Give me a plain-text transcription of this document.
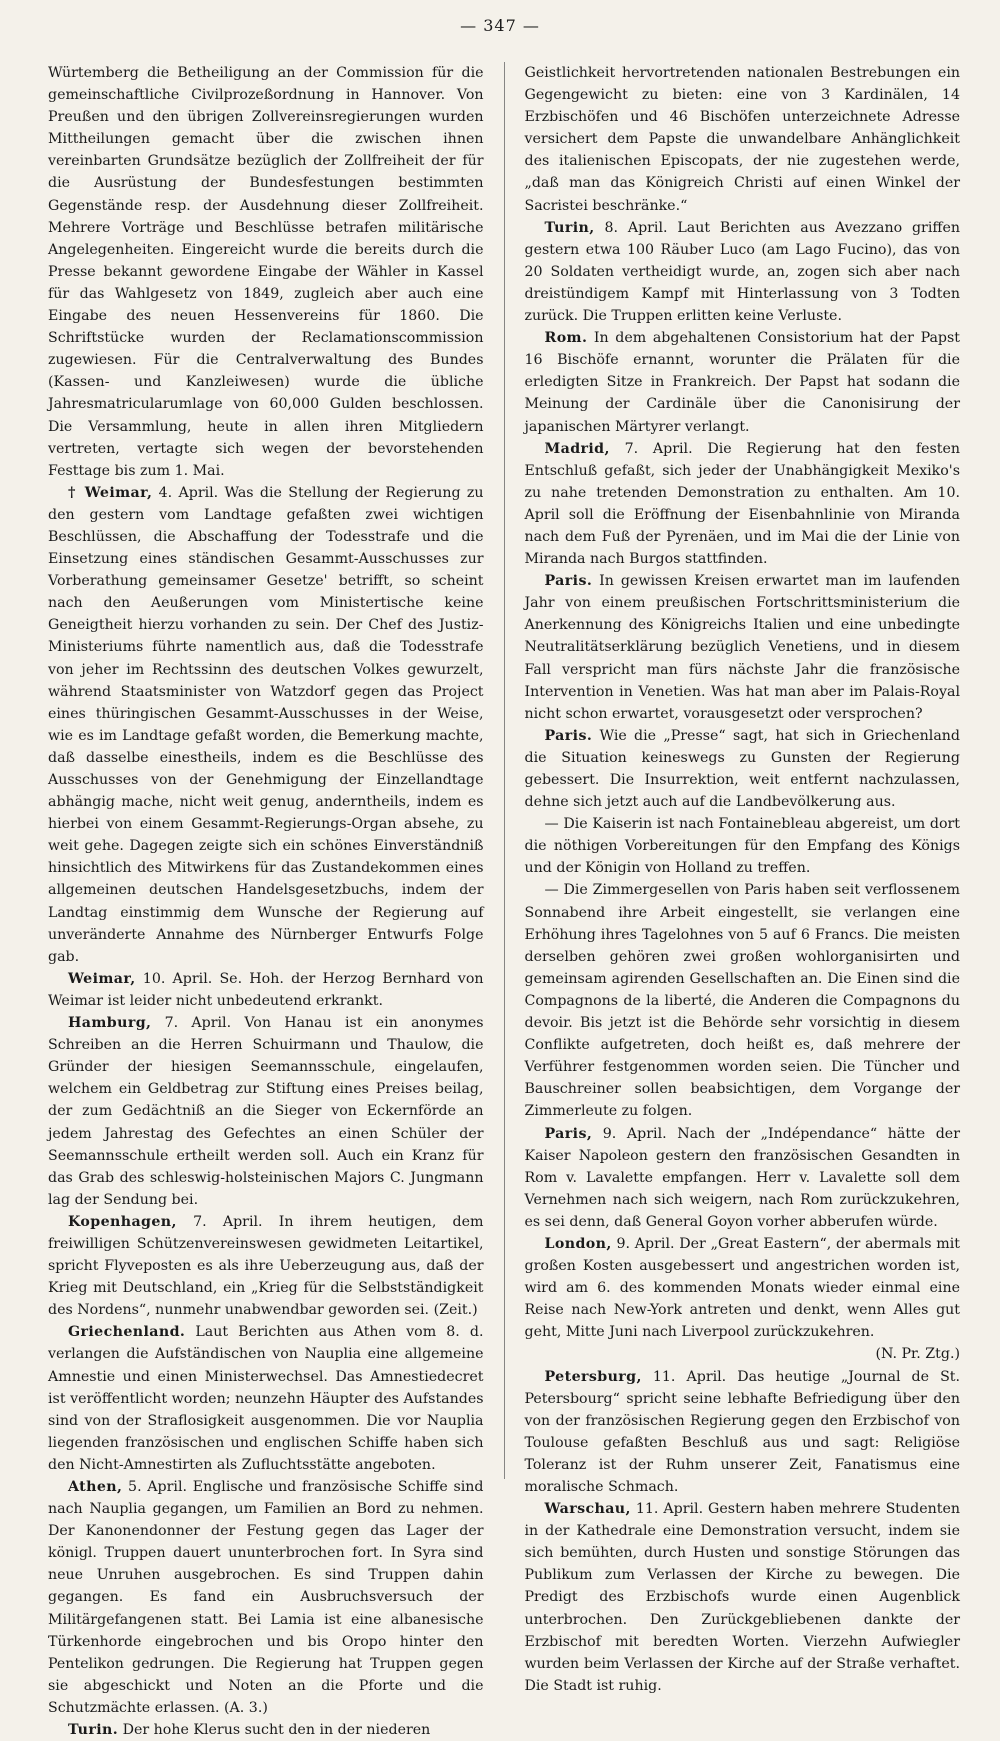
— 347 —

Würtemberg die Betheiligung an der Commission für die gemeinschaftliche Civilprozeßordnung in Hannover. Von Preußen und den übrigen Zollvereinsregierungen wurden Mittheilungen gemacht über die zwischen ihnen vereinbarten Grundsätze bezüglich der Zollfreiheit der für die Ausrüstung der Bundesfestungen bestimmten Gegenstände resp. der Ausdehnung dieser Zollfreiheit. Mehrere Vorträge und Beschlüsse betrafen militärische Angelegenheiten. Eingereicht wurde die bereits durch die Presse bekannt gewordene Eingabe der Wähler in Kassel für das Wahlgesetz von 1849, zugleich aber auch eine Eingabe des neuen Hessenvereins für 1860. Die Schriftstücke wurden der Reclamationscommission zugewiesen. Für die Centralverwaltung des Bundes (Kassen- und Kanzleiwesen) wurde die übliche Jahresmatricularumlage von 60,000 Gulden beschlossen. Die Versammlung, heute in allen ihren Mitgliedern vertreten, vertagte sich wegen der bevorstehenden Festtage bis zum 1. Mai.

† Weimar, 4. April. Was die Stellung der Regierung zu den gestern vom Landtage gefaßten zwei wichtigen Beschlüssen, die Abschaffung der Todesstrafe und die Einsetzung eines ständischen Gesammt-Ausschusses zur Vorberathung gemeinsamer Gesetze' betrifft, so scheint nach den Aeußerungen vom Ministertische keine Geneigtheit hierzu vorhanden zu sein. Der Chef des Justiz-Ministeriums führte namentlich aus, daß die Todesstrafe von jeher im Rechtssinn des deutschen Volkes gewurzelt, während Staatsminister von Watzdorf gegen das Project eines thüringischen Gesammt-Ausschusses in der Weise, wie es im Landtage gefaßt worden, die Bemerkung machte, daß dasselbe einestheils, indem es die Beschlüsse des Ausschusses von der Genehmigung der Einzellandtage abhängig mache, nicht weit genug, anderntheils, indem es hierbei von einem Gesammt-Regierungs-Organ absehe, zu weit gehe. Dagegen zeigte sich ein schönes Einverständniß hinsichtlich des Mitwirkens für das Zustandekommen eines allgemeinen deutschen Handelsgesetzbuchs, indem der Landtag einstimmig dem Wunsche der Regierung auf unveränderte Annahme des Nürnberger Entwurfs Folge gab.

Weimar, 10. April. Se. Hoh. der Herzog Bernhard von Weimar ist leider nicht unbedeutend erkrankt.

Hamburg, 7. April. Von Hanau ist ein anonymes Schreiben an die Herren Schuirmann und Thaulow, die Gründer der hiesigen Seemannsschule, eingelaufen, welchem ein Geldbetrag zur Stiftung eines Preises beilag, der zum Gedächtniß an die Sieger von Eckernförde an jedem Jahrestag des Gefechtes an einen Schüler der Seemannsschule ertheilt werden soll. Auch ein Kranz für das Grab des schleswig-holsteinischen Majors C. Jungmann lag der Sendung bei.

Kopenhagen, 7. April. In ihrem heutigen, dem freiwilligen Schützenvereinswesen gewidmeten Leitartikel, spricht Flyveposten es als ihre Ueberzeugung aus, daß der Krieg mit Deutschland, ein „Krieg für die Selbstständigkeit des Nordens“, nunmehr unabwendbar geworden sei. (Zeit.)

Griechenland. Laut Berichten aus Athen vom 8. d. verlangen die Aufständischen von Nauplia eine allgemeine Amnestie und einen Ministerwechsel. Das Amnestiedecret ist veröffentlicht worden; neunzehn Häupter des Aufstandes sind von der Straflosigkeit ausgenommen. Die vor Nauplia liegenden französischen und englischen Schiffe haben sich den Nicht-Amnestirten als Zufluchtsstätte angeboten.

Athen, 5. April. Englische und französische Schiffe sind nach Nauplia gegangen, um Familien an Bord zu nehmen. Der Kanonendonner der Festung gegen das Lager der königl. Truppen dauert ununterbrochen fort. In Syra sind neue Unruhen ausgebrochen. Es sind Truppen dahin gegangen. Es fand ein Ausbruchsversuch der Militärgefangenen statt. Bei Lamia ist eine albanesische Türkenhorde eingebrochen und bis Oropo hinter den Pentelikon gedrungen. Die Regierung hat Truppen gegen sie abgeschickt und Noten an die Pforte und die Schutzmächte erlassen. (A. 3.)

Turin. Der hohe Klerus sucht den in der niederen

Geistlichkeit hervortretenden nationalen Bestrebungen ein Gegengewicht zu bieten: eine von 3 Kardinälen, 14 Erzbischöfen und 46 Bischöfen unterzeichnete Adresse versichert dem Papste die unwandelbare Anhänglichkeit des italienischen Episcopats, der nie zugestehen werde, „daß man das Königreich Christi auf einen Winkel der Sacristei beschränke.“

Turin, 8. April. Laut Berichten aus Avezzano griffen gestern etwa 100 Räuber Luco (am Lago Fucino), das von 20 Soldaten vertheidigt wurde, an, zogen sich aber nach dreistündigem Kampf mit Hinterlassung von 3 Todten zurück. Die Truppen erlitten keine Verluste.

Rom. In dem abgehaltenen Consistorium hat der Papst 16 Bischöfe ernannt, worunter die Prälaten für die erledigten Sitze in Frankreich. Der Papst hat sodann die Meinung der Cardinäle über die Canonisirung der japanischen Märtyrer verlangt.

Madrid, 7. April. Die Regierung hat den festen Entschluß gefaßt, sich jeder der Unabhängigkeit Mexiko's zu nahe tretenden Demonstration zu enthalten. Am 10. April soll die Eröffnung der Eisenbahnlinie von Miranda nach dem Fuß der Pyrenäen, und im Mai die der Linie von Miranda nach Burgos stattfinden.

Paris. In gewissen Kreisen erwartet man im laufenden Jahr von einem preußischen Fortschrittsministerium die Anerkennung des Königreichs Italien und eine unbedingte Neutralitätserklärung bezüglich Venetiens, und in diesem Fall verspricht man fürs nächste Jahr die französische Intervention in Venetien. Was hat man aber im Palais-Royal nicht schon erwartet, vorausgesetzt oder versprochen?

Paris. Wie die „Presse“ sagt, hat sich in Griechenland die Situation keineswegs zu Gunsten der Regierung gebessert. Die Insurrektion, weit entfernt nachzulassen, dehne sich jetzt auch auf die Landbevölkerung aus.

— Die Kaiserin ist nach Fontainebleau abgereist, um dort die nöthigen Vorbereitungen für den Empfang des Königs und der Königin von Holland zu treffen.

— Die Zimmergesellen von Paris haben seit verflossenem Sonnabend ihre Arbeit eingestellt, sie verlangen eine Erhöhung ihres Tagelohnes von 5 auf 6 Francs. Die meisten derselben gehören zwei großen wohlorganisirten und gemeinsam agirenden Gesellschaften an. Die Einen sind die Compagnons de la liberté, die Anderen die Compagnons du devoir. Bis jetzt ist die Behörde sehr vorsichtig in diesem Conflikte aufgetreten, doch heißt es, daß mehrere der Verführer festgenommen worden seien. Die Tüncher und Bauschreiner sollen beabsichtigen, dem Vorgange der Zimmerleute zu folgen.

Paris, 9. April. Nach der „Indépendance“ hätte der Kaiser Napoleon gestern den französischen Gesandten in Rom v. Lavalette empfangen. Herr v. Lavalette soll dem Vernehmen nach sich weigern, nach Rom zurückzukehren, es sei denn, daß General Goyon vorher abberufen würde.

London, 9. April. Der „Great Eastern“, der abermals mit großen Kosten ausgebessert und angestrichen worden ist, wird am 6. des kommenden Monats wieder einmal eine Reise nach New-York antreten und denkt, wenn Alles gut geht, Mitte Juni nach Liverpool zurückzukehren.

(N. Pr. Ztg.)

Petersburg, 11. April. Das heutige „Journal de St. Petersbourg“ spricht seine lebhafte Befriedigung über den von der französischen Regierung gegen den Erzbischof von Toulouse gefaßten Beschluß aus und sagt: Religiöse Toleranz ist der Ruhm unserer Zeit, Fanatismus eine moralische Schmach.

Warschau, 11. April. Gestern haben mehrere Studenten in der Kathedrale eine Demonstration versucht, indem sie sich bemühten, durch Husten und sonstige Störungen das Publikum zum Verlassen der Kirche zu bewegen. Die Predigt des Erzbischofs wurde einen Augenblick unterbrochen. Den Zurückgebliebenen dankte der Erzbischof mit beredten Worten. Vierzehn Aufwiegler wurden beim Verlassen der Kirche auf der Straße verhaftet. Die Stadt ist ruhig.
